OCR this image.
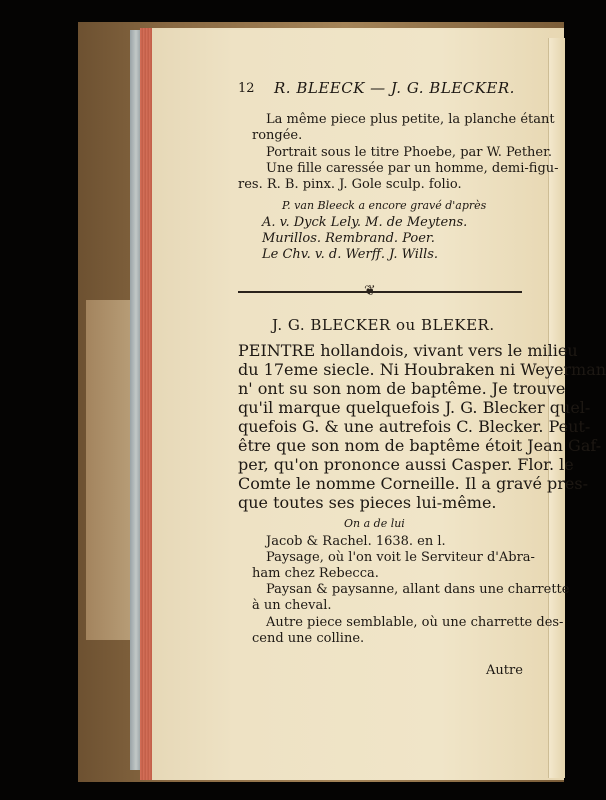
12 R. BLEECK — J. G. BLECKER.
La même piece plus petite, la planche étant
rongée.
Portrait sous le titre Phoebe, par W. Pether.
Une fille caressée par un homme, demi-figu-
res. R. B. pinx. J. Gole sculp. folio.
P. van Bleeck a encore gravé d'après
A. v. Dyck Lely. M. de Meytens.
Murillos. Rembrand. Poer.
Le Chv. v. d. Werff. J. Wills.
❦
J. G. BLECKER ou BLEKER.
PEINTRE hollandois, vivant vers le milieu
du 17eme siecle. Ni Houbraken ni Weyerman
n' ont su son nom de baptême. Je trouve
qu'il marque quelquefois J. G. Blecker quel-
quefois G. & une autrefois C. Blecker. Peut-
être que son nom de baptême étoit Jean Gaf-
per, qu'on prononce aussi Casper. Flor. le
Comte le nomme Corneille. Il a gravé pres-
que toutes ses pieces lui-même.
On a de lui
Jacob & Rachel. 1638. en l.
Paysage, où l'on voit le Serviteur d'Abra-
ham chez Rebecca.
Paysan & paysanne, allant dans une charrette
à un cheval.
Autre piece semblable, où une charrette des-
cend une colline.
Autre
